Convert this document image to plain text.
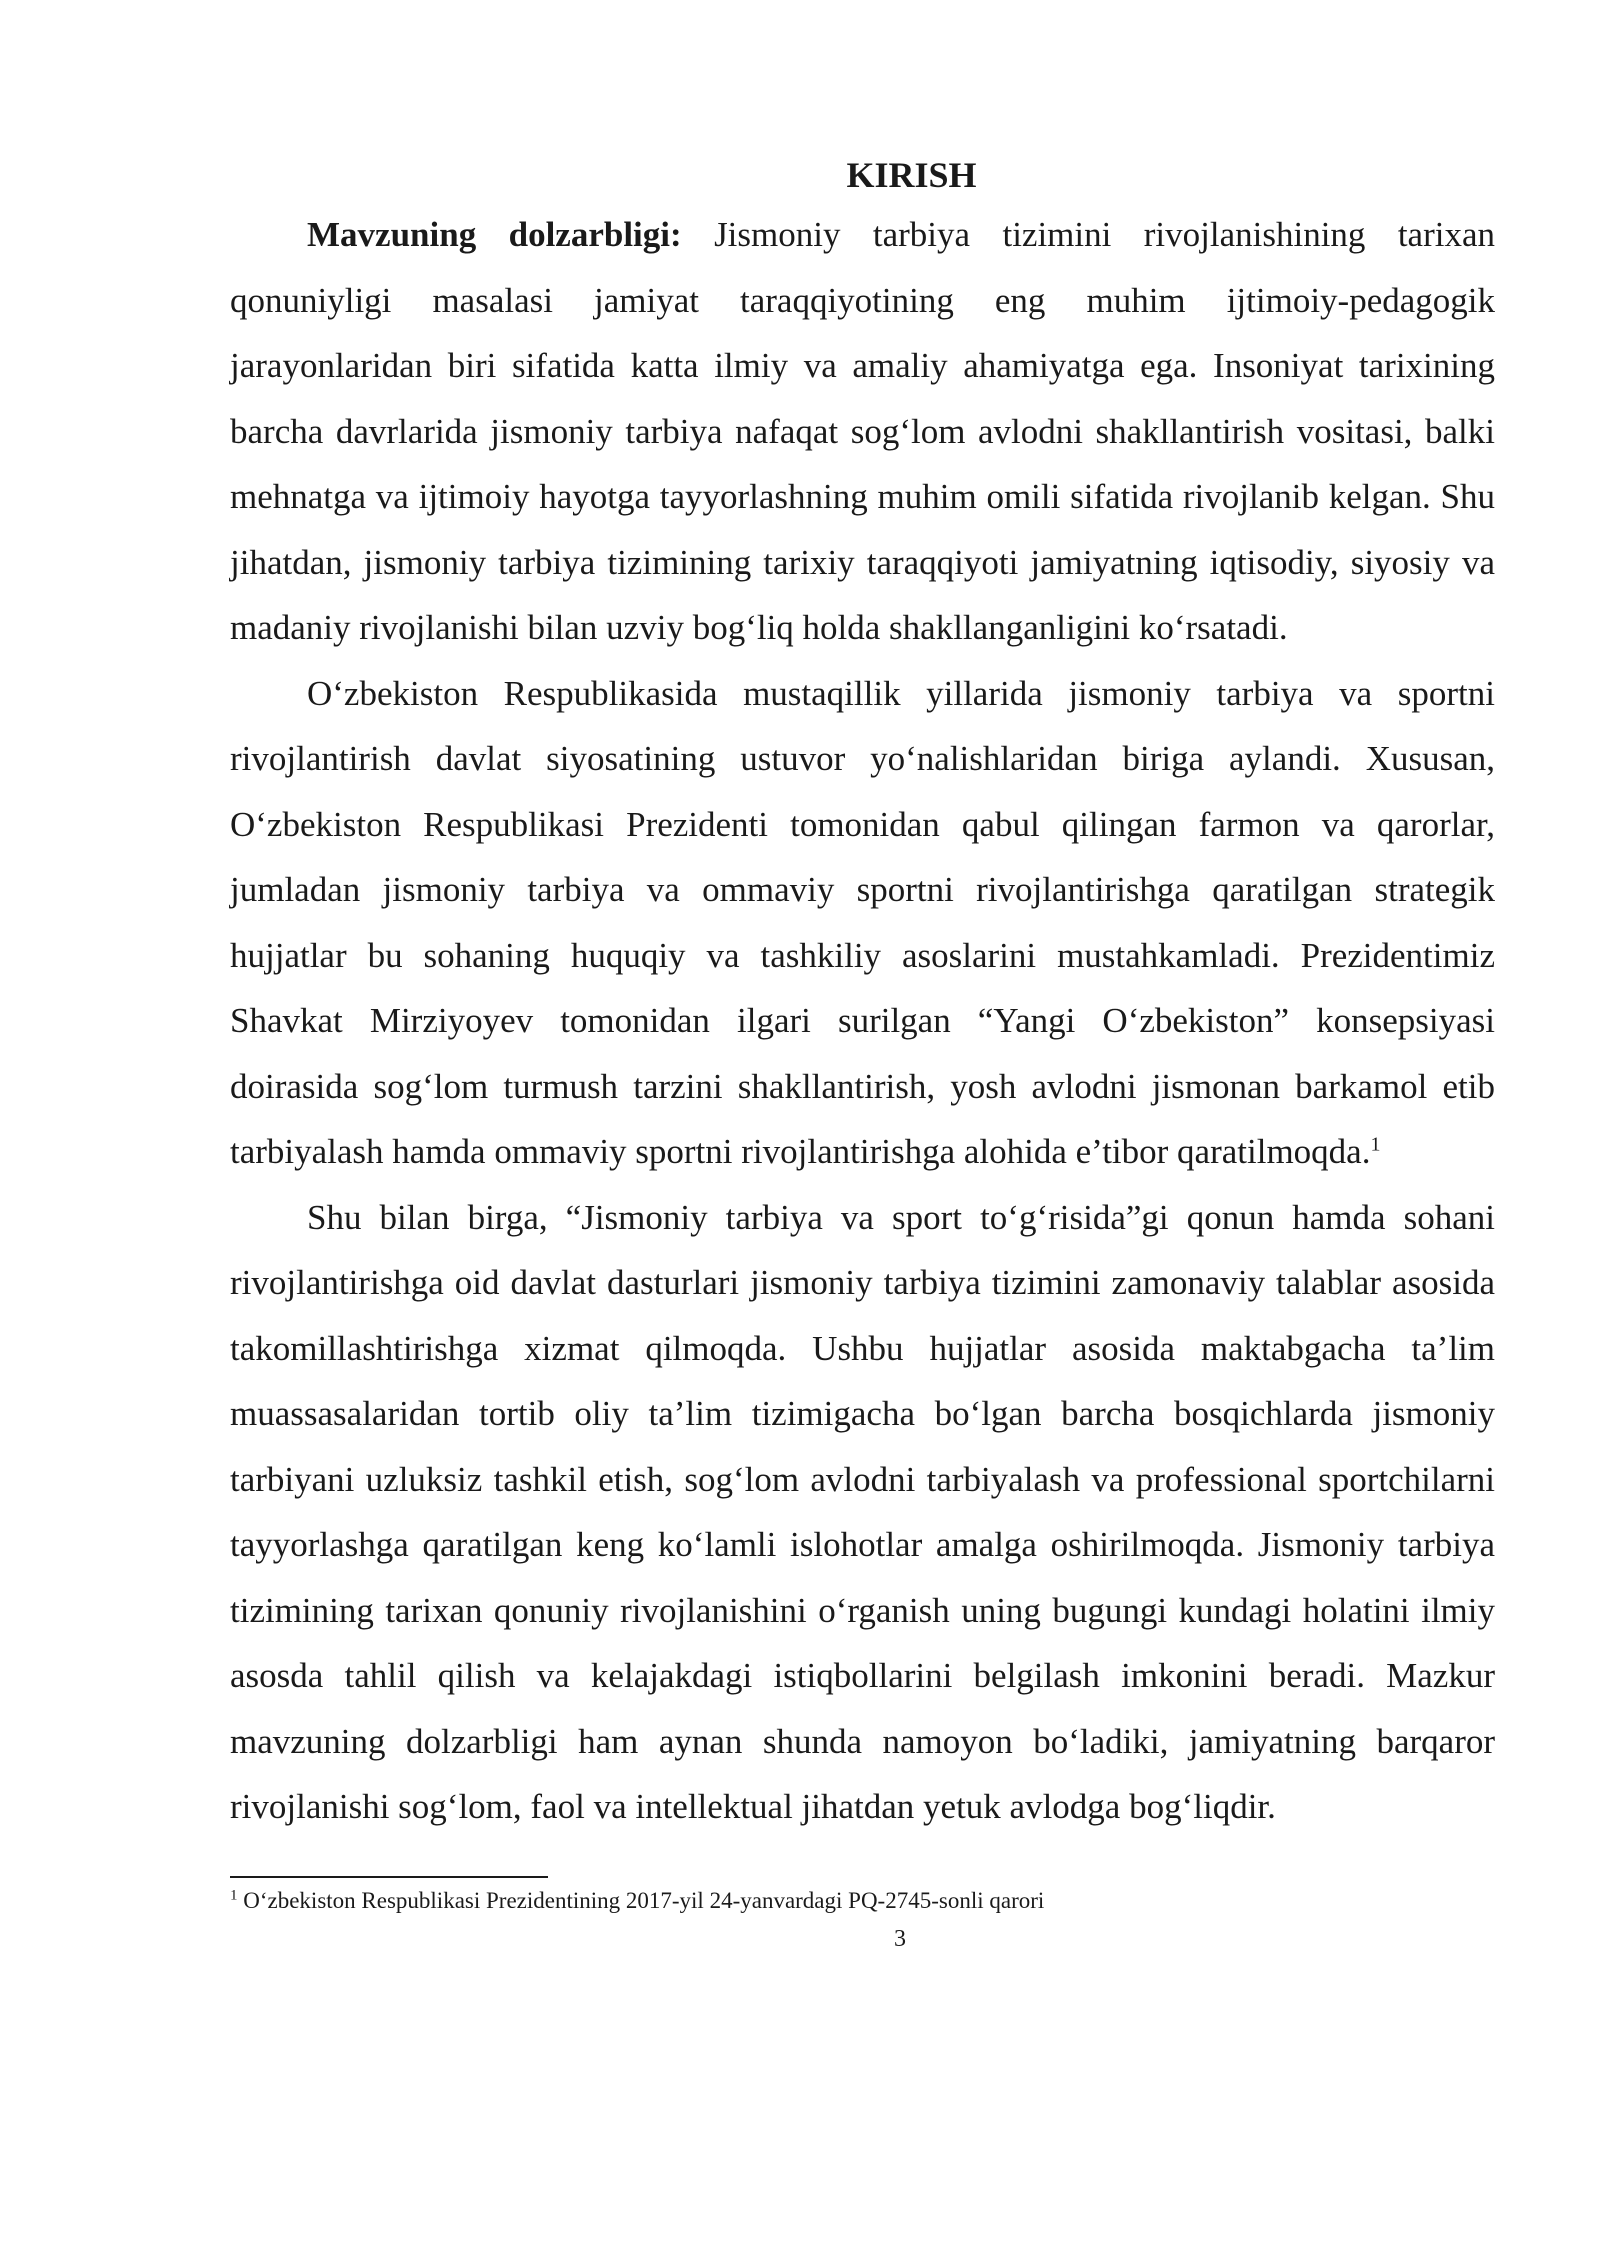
KIRISH

Mavzuning dolzarbligi: Jismoniy tarbiya tizimini rivojlanishining tarixan qonuniyligi masalasi jamiyat taraqqiyotining eng muhim ijtimoiy-pedagogik jarayonlaridan biri sifatida katta ilmiy va amaliy ahamiyatga ega. Insoniyat tarixining barcha davrlarida jismoniy tarbiya nafaqat sog‘lom avlodni shakllantirish vositasi, balki mehnatga va ijtimoiy hayotga tayyorlashning muhim omili sifatida rivojlanib kelgan. Shu jihatdan, jismoniy tarbiya tizimining tarixiy taraqqiyoti jamiyatning iqtisodiy, siyosiy va madaniy rivojlanishi bilan uzviy bog‘liq holda shakllanganligini ko‘rsatadi.

O‘zbekiston Respublikasida mustaqillik yillarida jismoniy tarbiya va sportni rivojlantirish davlat siyosatining ustuvor yo‘nalishlaridan biriga aylandi. Xususan, O‘zbekiston Respublikasi Prezidenti tomonidan qabul qilingan farmon va qarorlar, jumladan jismoniy tarbiya va ommaviy sportni rivojlantirishga qaratilgan strategik hujjatlar bu sohaning huquqiy va tashkiliy asoslarini mustahkamladi. Prezidentimiz Shavkat Mirziyoyev tomonidan ilgari surilgan “Yangi O‘zbekiston” konsepsiyasi doirasida sog‘lom turmush tarzini shakllantirish, yosh avlodni jismonan barkamol etib tarbiyalash hamda ommaviy sportni rivojlantirishga alohida e’tibor qaratilmoqda.$^1$

Shu bilan birga, “Jismoniy tarbiya va sport to‘g‘risida”gi qonun hamda sohani rivojlantirishga oid davlat dasturlari jismoniy tarbiya tizimini zamonaviy talablar asosida takomillashtirishga xizmat qilmoqda. Ushbu hujjatlar asosida maktabgacha ta’lim muassasalaridan tortib oliy ta’lim tizimigacha bo‘lgan barcha bosqichlarda jismoniy tarbiyani uzluksiz tashkil etish, sog‘lom avlodni tarbiyalash va professional sportchilarni tayyorlashga qaratilgan keng ko‘lamli islohotlar amalga oshirilmoqda. Jismoniy tarbiya tizimining tarixan qonuniy rivojlanishini o‘rganish uning bugungi kundagi holatini ilmiy asosda tahlil qilish va kelajakdagi istiqbollarini belgilash imkonini beradi. Mazkur mavzuning dolzarbligi ham aynan shunda namoyon bo‘ladiki, jamiyatning barqaror rivojlanishi sog‘lom, faol va intellektual jihatdan yetuk avlodga bog‘liqdir.

$^1$ O‘zbekiston Respublikasi Prezidentining 2017-yil 24-yanvardagi PQ-2745-sonli qarori
3
